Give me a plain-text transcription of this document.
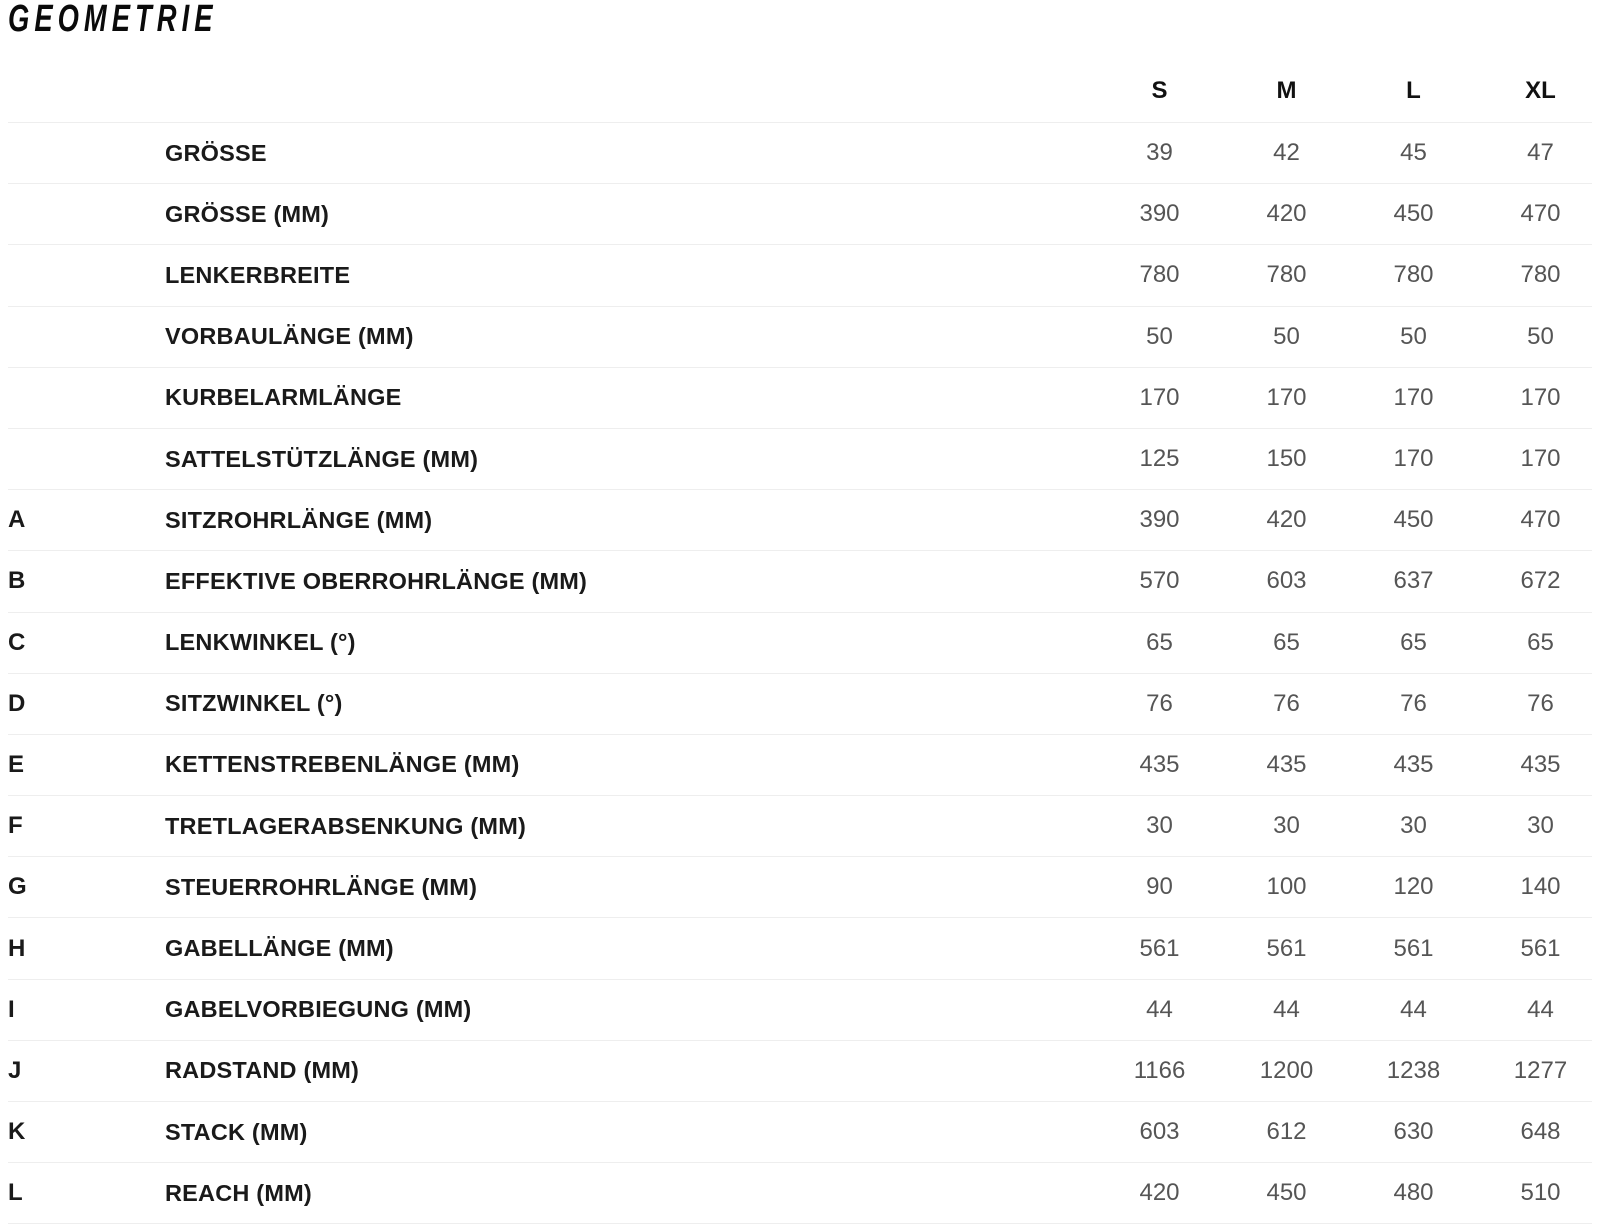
GEOMETRIE
S	M	L	XL
GRÖSSE	39	42	45	47
GRÖSSE (MM)	390	420	450	470
LENKERBREITE	780	780	780	780
VORBAULÄNGE (MM)	50	50	50	50
KURBELARMLÄNGE	170	170	170	170
SATTELSTÜTZLÄNGE (MM)	125	150	170	170
A	SITZROHRLÄNGE (MM)	390	420	450	470
B	EFFEKTIVE OBERROHRLÄNGE (MM)	570	603	637	672
C	LENKWINKEL (°)	65	65	65	65
D	SITZWINKEL (°)	76	76	76	76
E	KETTENSTREBENLÄNGE (MM)	435	435	435	435
F	TRETLAGERABSENKUNG (MM)	30	30	30	30
G	STEUERROHRLÄNGE (MM)	90	100	120	140
H	GABELLÄNGE (MM)	561	561	561	561
I	GABELVORBIEGUNG (MM)	44	44	44	44
J	RADSTAND (MM)	1166	1200	1238	1277
K	STACK (MM)	603	612	630	648
L	REACH (MM)	420	450	480	510
